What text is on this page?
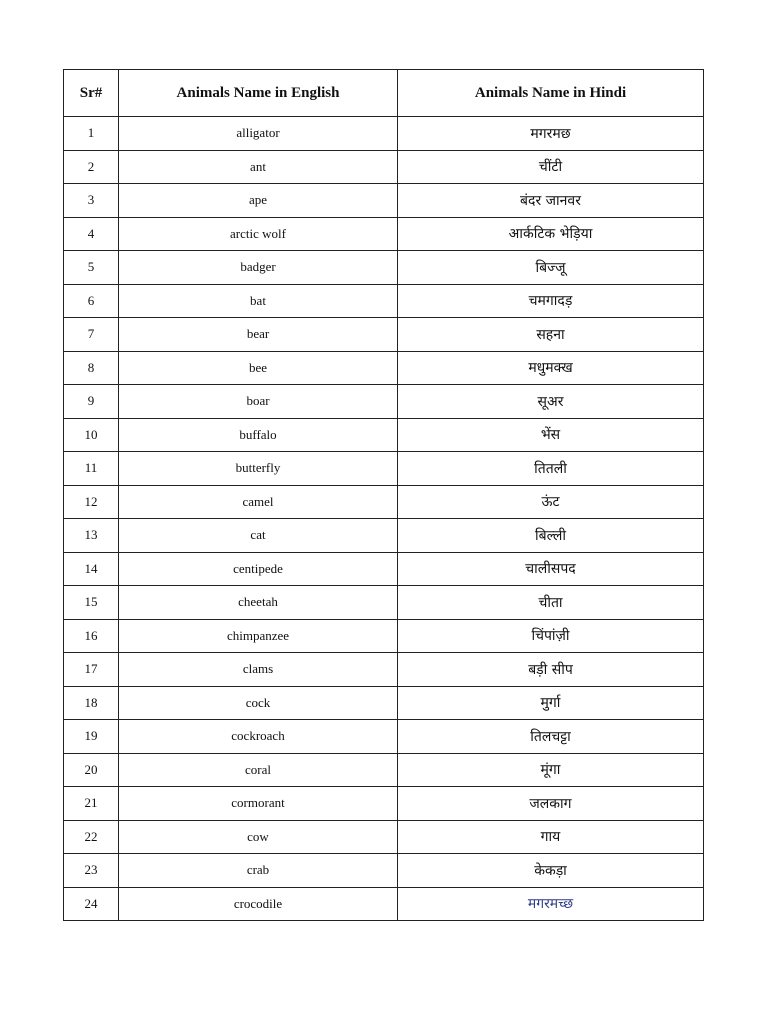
Sr#	Animals Name in English	Animals Name in Hindi
1	alligator	मगरमछ
2	ant	चींटी
3	ape	बंदर जानवर
4	arctic wolf	आर्कटिक भेड़िया
5	badger	बिज्जू
6	bat	चमगादड़
7	bear	सहना
8	bee	मधुमक्ख
9	boar	सूअर
10	buffalo	भेंस
11	butterfly	तितली
12	camel	ऊंट
13	cat	बिल्ली
14	centipede	चालीसपद
15	cheetah	चीता
16	chimpanzee	चिंपांज़ी
17	clams	बड़ी सीप
18	cock	मुर्गा
19	cockroach	तिलचट्टा
20	coral	मूंगा
21	cormorant	जलकाग
22	cow	गाय
23	crab	केकड़ा
24	crocodile	मगरमच्छ
